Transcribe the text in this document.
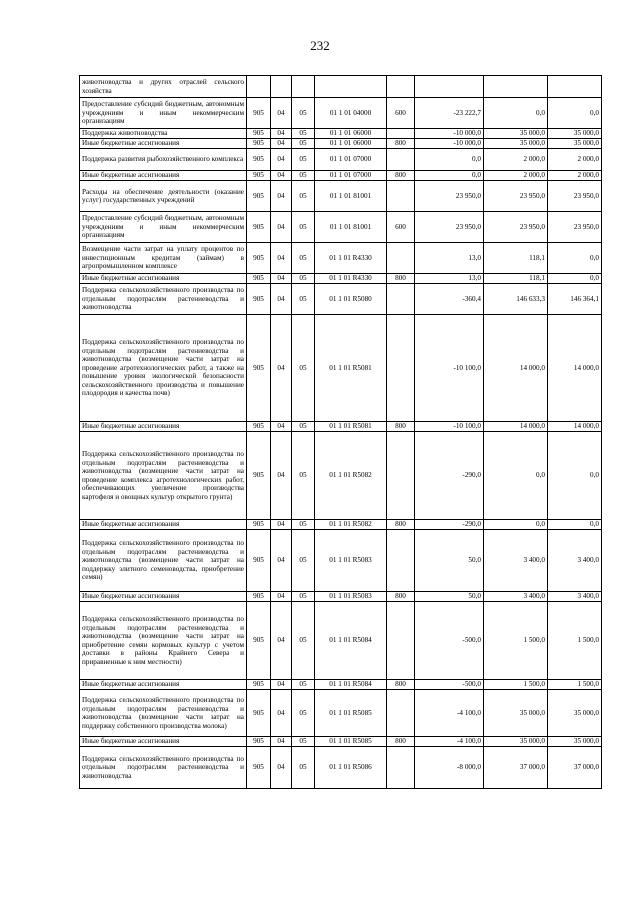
232
животноводства и других отраслей сельского хозяйства								
Предоставление субсидий бюджетным, автономным учреждениям и иным некоммерческим организациям	905	04	05	01 1 01 04000	600	-23 222,7	0,0	0,0
Поддержка животноводства	905	04	05	01 1 01 06000		-10 000,0	35 000,0	35 000,0
Иные бюджетные ассигнования	905	04	05	01 1 01 06000	800	-10 000,0	35 000,0	35 000,0
Поддержка развития рыбохозяйственного комплекса	905	04	05	01 1 01 07000		0,0	2 000,0	2 000,0
Иные бюджетные ассигнования	905	04	05	01 1 01 07000	800	0,0	2 000,0	2 000,0
Расходы на обеспечение деятельности (оказание услуг) государственных учреждений	905	04	05	01 1 01 81001		23 950,0	23 950,0	23 950,0
Предоставление субсидий бюджетным, автономным учреждениям и иным некоммерческим организациям	905	04	05	01 1 01 81001	600	23 950,0	23 950,0	23 950,0
Возмещение части затрат на уплату процентов по инвестиционным кредитам (займам) в агропромышленном комплексе	905	04	05	01 1 01 R4330		13,0	118,1	0,0
Иные бюджетные ассигнования	905	04	05	01 1 01 R4330	800	13,0	118,1	0,0
Поддержка сельскохозяйственного производства по отдельным подотраслям растениеводства и животноводства	905	04	05	01 1 01 R5080		-360,4	146 633,3	146 364,1
Поддержка сельскохозяйственного производства по отдельным подотраслям растениеводства и животноводства (возмещение части затрат на проведение агротехнологических работ, а также на повышение уровня экологической безопасности сельскохозяйственного производства и повышение плодородия и качества почв)	905	04	05	01 1 01 R5081		-10 100,0	14 000,0	14 000,0
Иные бюджетные ассигнования	905	04	05	01 1 01 R5081	800	-10 100,0	14 000,0	14 000,0
Поддержка сельскохозяйственного производства по отдельным подотраслям растениеводства и животноводства (возмещение части затрат на проведение комплекса агротехнологических работ, обеспечивающих увеличение производства картофеля и овощных культур открытого грунта)	905	04	05	01 1 01 R5082		-290,0	0,0	0,0
Иные бюджетные ассигнования	905	04	05	01 1 01 R5082	800	-290,0	0,0	0,0
Поддержка сельскохозяйственного производства по отдельным подотраслям растениеводства и животноводства (возмещение части затрат на поддержку элитного семеноводства, приобретение семян)	905	04	05	01 1 01 R5083		50,0	3 400,0	3 400,0
Иные бюджетные ассигнования	905	04	05	01 1 01 R5083	800	50,0	3 400,0	3 400,0
Поддержка сельскохозяйственного производства по отдельным подотраслям растениеводства и животноводства (возмещение части затрат на приобретение семян кормовых культур с учетом доставки в районы Крайнего Севера и приравненные к ним местности)	905	04	05	01 1 01 R5084		-500,0	1 500,0	1 500,0
Иные бюджетные ассигнования	905	04	05	01 1 01 R5084	800	-500,0	1 500,0	1 500,0
Поддержка сельскохозяйственного производства по отдельным подотраслям растениеводства и животноводства (возмещение части затрат на поддержку собственного производства молока)	905	04	05	01 1 01 R5085		-4 100,0	35 000,0	35 000,0
Иные бюджетные ассигнования	905	04	05	01 1 01 R5085	800	-4 100,0	35 000,0	35 000,0
Поддержка сельскохозяйственного производства по отдельным подотраслям растениеводства и животноводства	905	04	05	01 1 01 R5086		-8 000,0	37 000,0	37 000,0
